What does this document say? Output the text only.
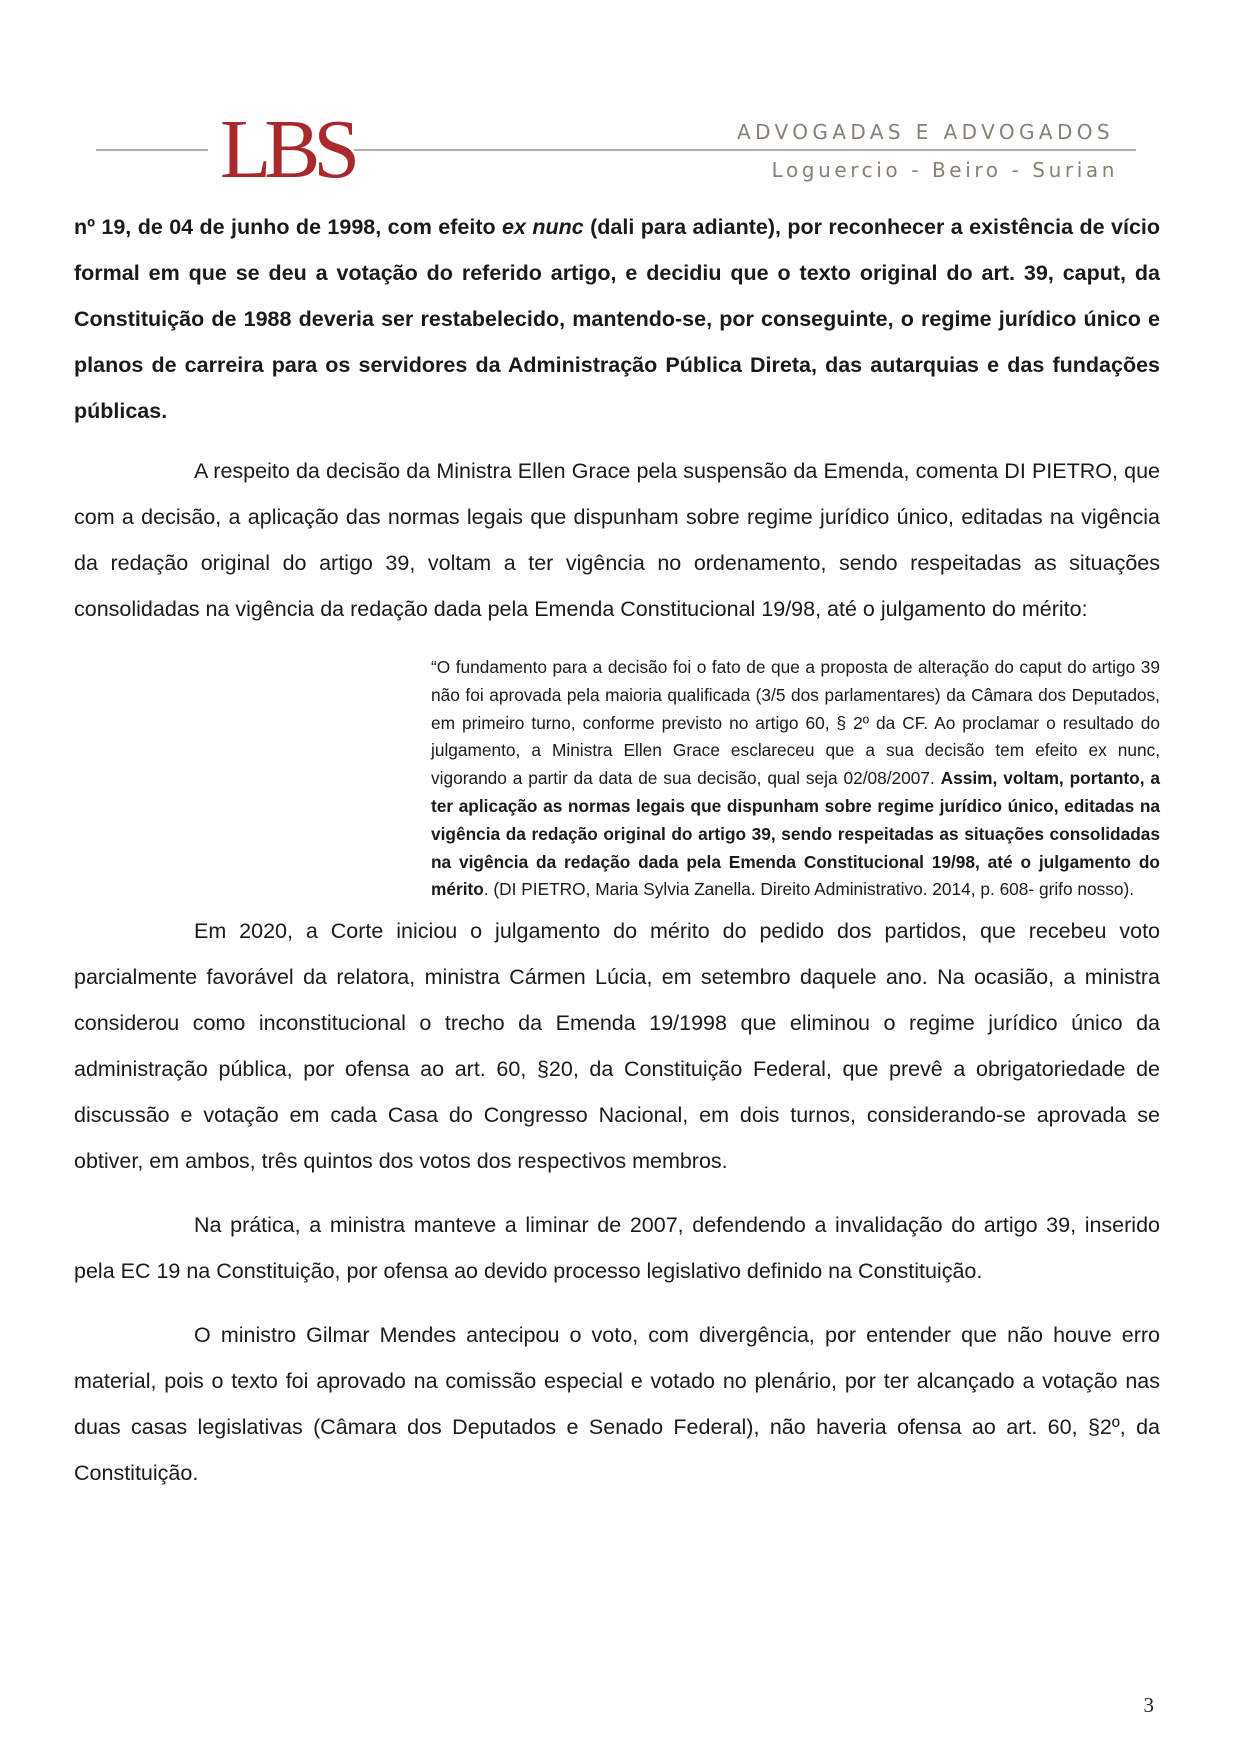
LBS	ADVOGADAS E ADVOGADOS
Loguercio - Beiro - Surian

nº 19, de 04 de junho de 1998, com efeito ex nunc (dali para adiante), por reconhecer a existência de vício formal em que se deu a votação do referido artigo, e decidiu que o texto original do art. 39, caput, da Constituição de 1988 deveria ser restabelecido, mantendo-se, por conseguinte, o regime jurídico único e planos de carreira para os servidores da Administração Pública Direta, das autarquias e das fundações públicas.

A respeito da decisão da Ministra Ellen Grace pela suspensão da Emenda, comenta DI PIETRO, que com a decisão, a aplicação das normas legais que dispunham sobre regime jurídico único, editadas na vigência da redação original do artigo 39, voltam a ter vigência no ordenamento, sendo respeitadas as situações consolidadas na vigência da redação dada pela Emenda Constitucional 19/98, até o julgamento do mérito:

“O fundamento para a decisão foi o fato de que a proposta de alteração do caput do artigo 39 não foi aprovada pela maioria qualificada (3/5 dos parlamentares) da Câmara dos Deputados, em primeiro turno, conforme previsto no artigo 60, § 2º da CF. Ao proclamar o resultado do julgamento, a Ministra Ellen Grace esclareceu que a sua decisão tem efeito ex nunc, vigorando a partir da data de sua decisão, qual seja 02/08/2007. Assim, voltam, portanto, a ter aplicação as normas legais que dispunham sobre regime jurídico único, editadas na vigência da redação original do artigo 39, sendo respeitadas as situações consolidadas na vigência da redação dada pela Emenda Constitucional 19/98, até o julgamento do mérito. (DI PIETRO, Maria Sylvia Zanella. Direito Administrativo. 2014, p. 608- grifo nosso).

Em 2020, a Corte iniciou o julgamento do mérito do pedido dos partidos, que recebeu voto parcialmente favorável da relatora, ministra Cármen Lúcia, em setembro daquele ano. Na ocasião, a ministra considerou como inconstitucional o trecho da Emenda 19/1998 que eliminou o regime jurídico único da administração pública, por ofensa ao art. 60, §20, da Constituição Federal, que prevê a obrigatoriedade de discussão e votação em cada Casa do Congresso Nacional, em dois turnos, considerando-se aprovada se obtiver, em ambos, três quintos dos votos dos respectivos membros.

Na prática, a ministra manteve a liminar de 2007, defendendo a invalidação do artigo 39, inserido pela EC 19 na Constituição, por ofensa ao devido processo legislativo definido na Constituição.

O ministro Gilmar Mendes antecipou o voto, com divergência, por entender que não houve erro material, pois o texto foi aprovado na comissão especial e votado no plenário, por ter alcançado a votação nas duas casas legislativas (Câmara dos Deputados e Senado Federal), não haveria ofensa ao art. 60, §2º, da Constituição.

3
